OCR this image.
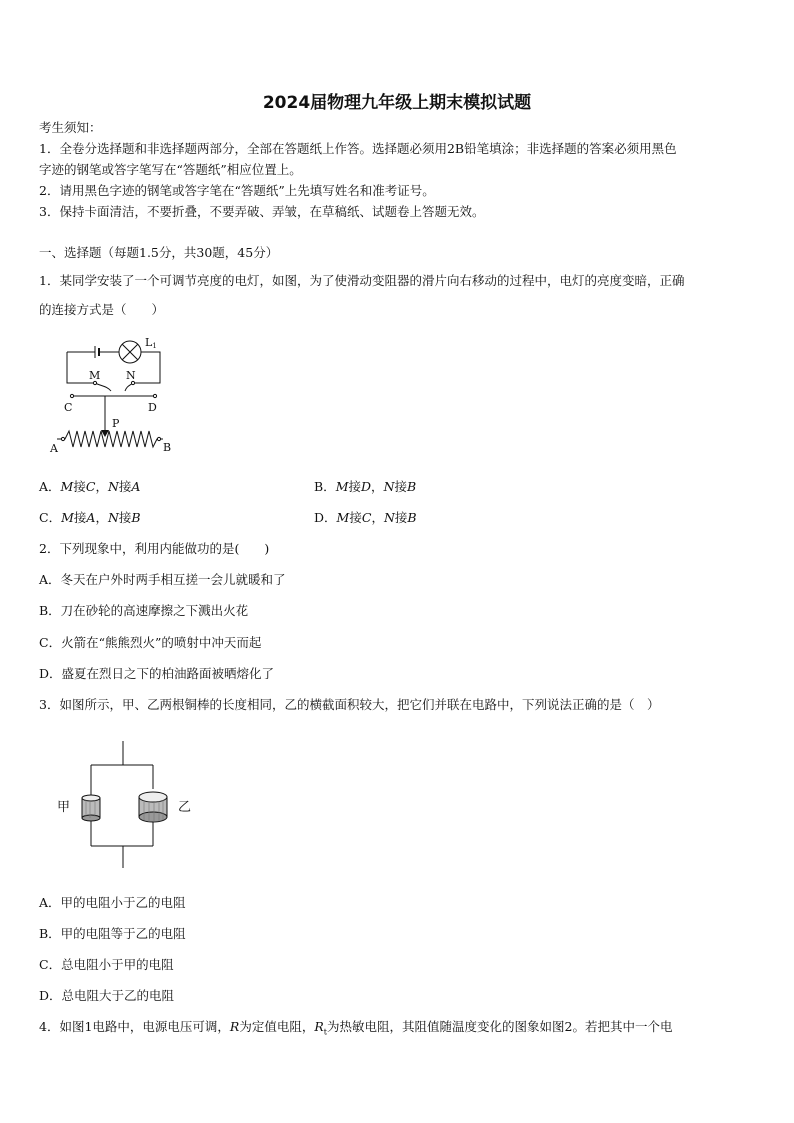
2024届物理九年级上期末模拟试题
考生须知：
1．全卷分选择题和非选择题两部分，全部在答题纸上作答。选择题必须用2B铅笔填涂；非选择题的答案必须用黑色
字迹的钢笔或答字笔写在“答题纸”相应位置上。
2．请用黑色字迹的钢笔或答字笔在“答题纸”上先填写姓名和准考证号。
3．保持卡面清洁，不要折叠，不要弄破、弄皱，在草稿纸、试题卷上答题无效。
一、选择题（每题1.5分，共30题，45分）
1．某同学安装了一个可调节亮度的电灯，如图，为了使滑动变阻器的滑片向右移动的过程中，电灯的亮度变暗，正确
的连接方式是（　　）
L1
M N
C	D
P
A	B
A．M接C，N接A	B．M接D，N接B
C．M接A，N接B	D．M接C，N接B
2．下列现象中，利用内能做功的是(　　)
A．冬天在户外时两手相互搓一会儿就暖和了
B．刀在砂轮的高速摩擦之下溅出火花
C．火箭在“熊熊烈火”的喷射中冲天而起
D．盛夏在烈日之下的柏油路面被晒熔化了
3．如图所示，甲、乙两根铜棒的长度相同，乙的横截面积较大，把它们并联在电路中，下列说法正确的是（　）
甲	乙
A．甲的电阻小于乙的电阻
B．甲的电阻等于乙的电阻
C．总电阻小于甲的电阻
D．总电阻大于乙的电阻
4．如图1电路中，电源电压可调，R为定值电阻，$R_t$为热敏电阻，其阻值随温度变化的图象如图2。若把其中一个电
